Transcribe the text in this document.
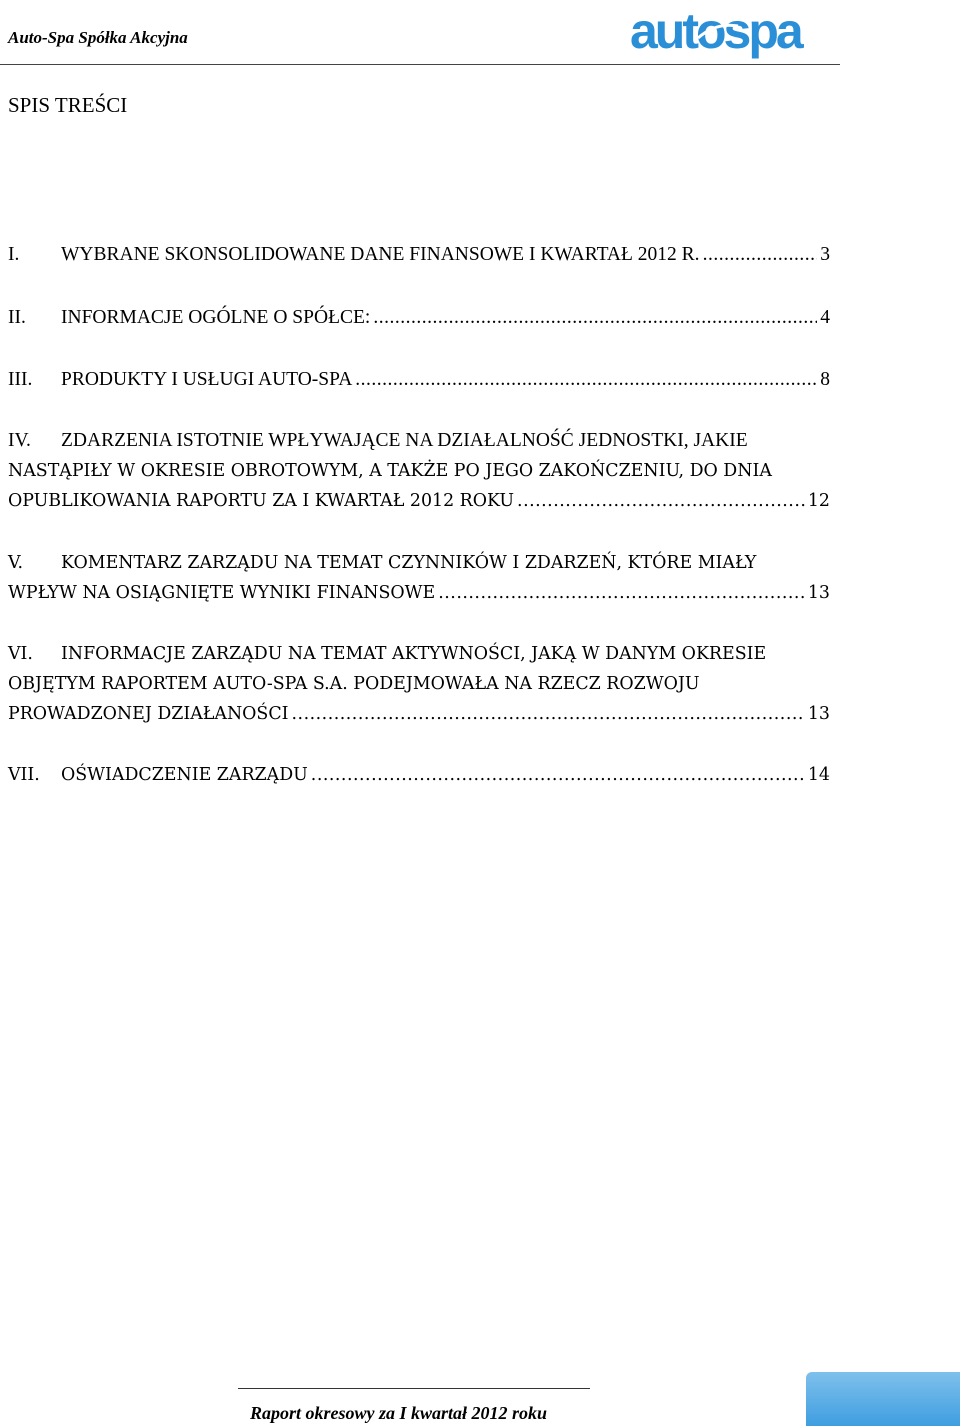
Auto-Spa Spółka Akcyjna	autospa
SPIS TREŚCI
I.	WYBRANE SKONSOLIDOWANE DANE FINANSOWE I KWARTAŁ 2012 R. .....	3
II.	INFORMACJE OGÓLNE O SPÓŁCE: .....	4
III.	PRODUKTY I USŁUGI AUTO-SPA .....	8
IV.	ZDARZENIA ISTOTNIE WPŁYWAJĄCE NA DZIAŁALNOŚĆ JEDNOSTKI, JAKIE
NASTĄPIŁY W OKRESIE OBROTOWYM, A TAKŻE PO JEGO ZAKOŃCZENIU, DO DNIA
OPUBLIKOWANIA RAPORTU ZA I KWARTAŁ 2012 ROKU .....	12
V.	KOMENTARZ ZARZĄDU NA TEMAT CZYNNIKÓW I ZDARZEŃ, KTÓRE MIAŁY
WPŁYW NA OSIĄGNIĘTE WYNIKI FINANSOWE .....	13
VI.	INFORMACJE ZARZĄDU NA TEMAT AKTYWNOŚCI, JAKĄ W DANYM OKRESIE
OBJĘTYM RAPORTEM AUTO-SPA S.A. PODEJMOWAŁA NA RZECZ ROZWOJU
PROWADZONEJ DZIAŁANOŚCI .....	13
VII.	OŚWIADCZENIE ZARZĄDU .....	14
Raport okresowy za I kwartał 2012 roku
